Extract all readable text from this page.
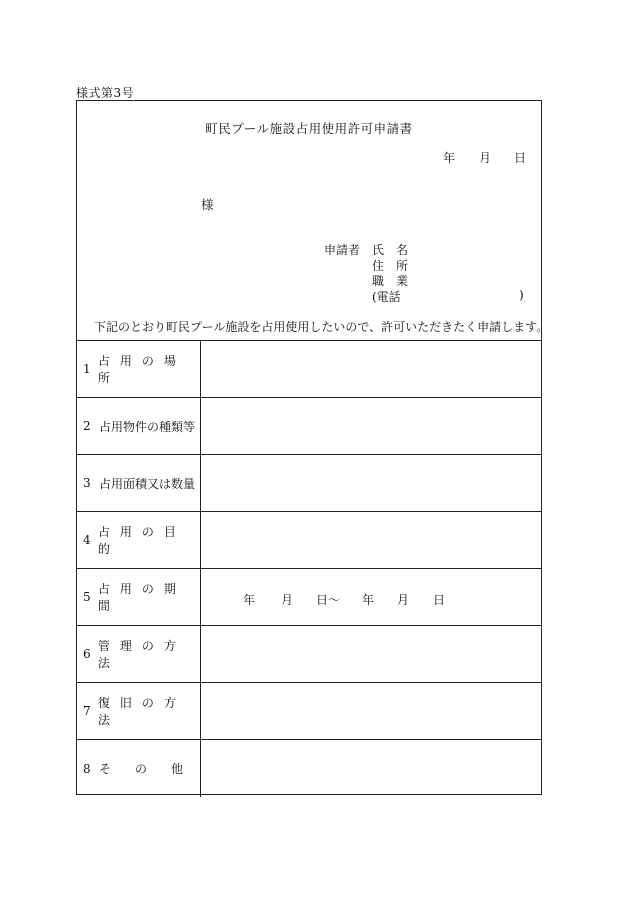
様式第3号
町民プール施設占用使用許可申請書
年 月 日
様
申請者 氏　名
住　所
職　業
(電話	)
下記のとおり町民プール施設を占用使用したいので、許可いただきたく申請します。
1
占用の場所
2 占用物件の種類等
3 占用面積又は数量
4
占用の目的
5
占用の期間	年 月 日～ 年 月 日
6
管理の方法
7
復旧の方法
8 そ　の　他
